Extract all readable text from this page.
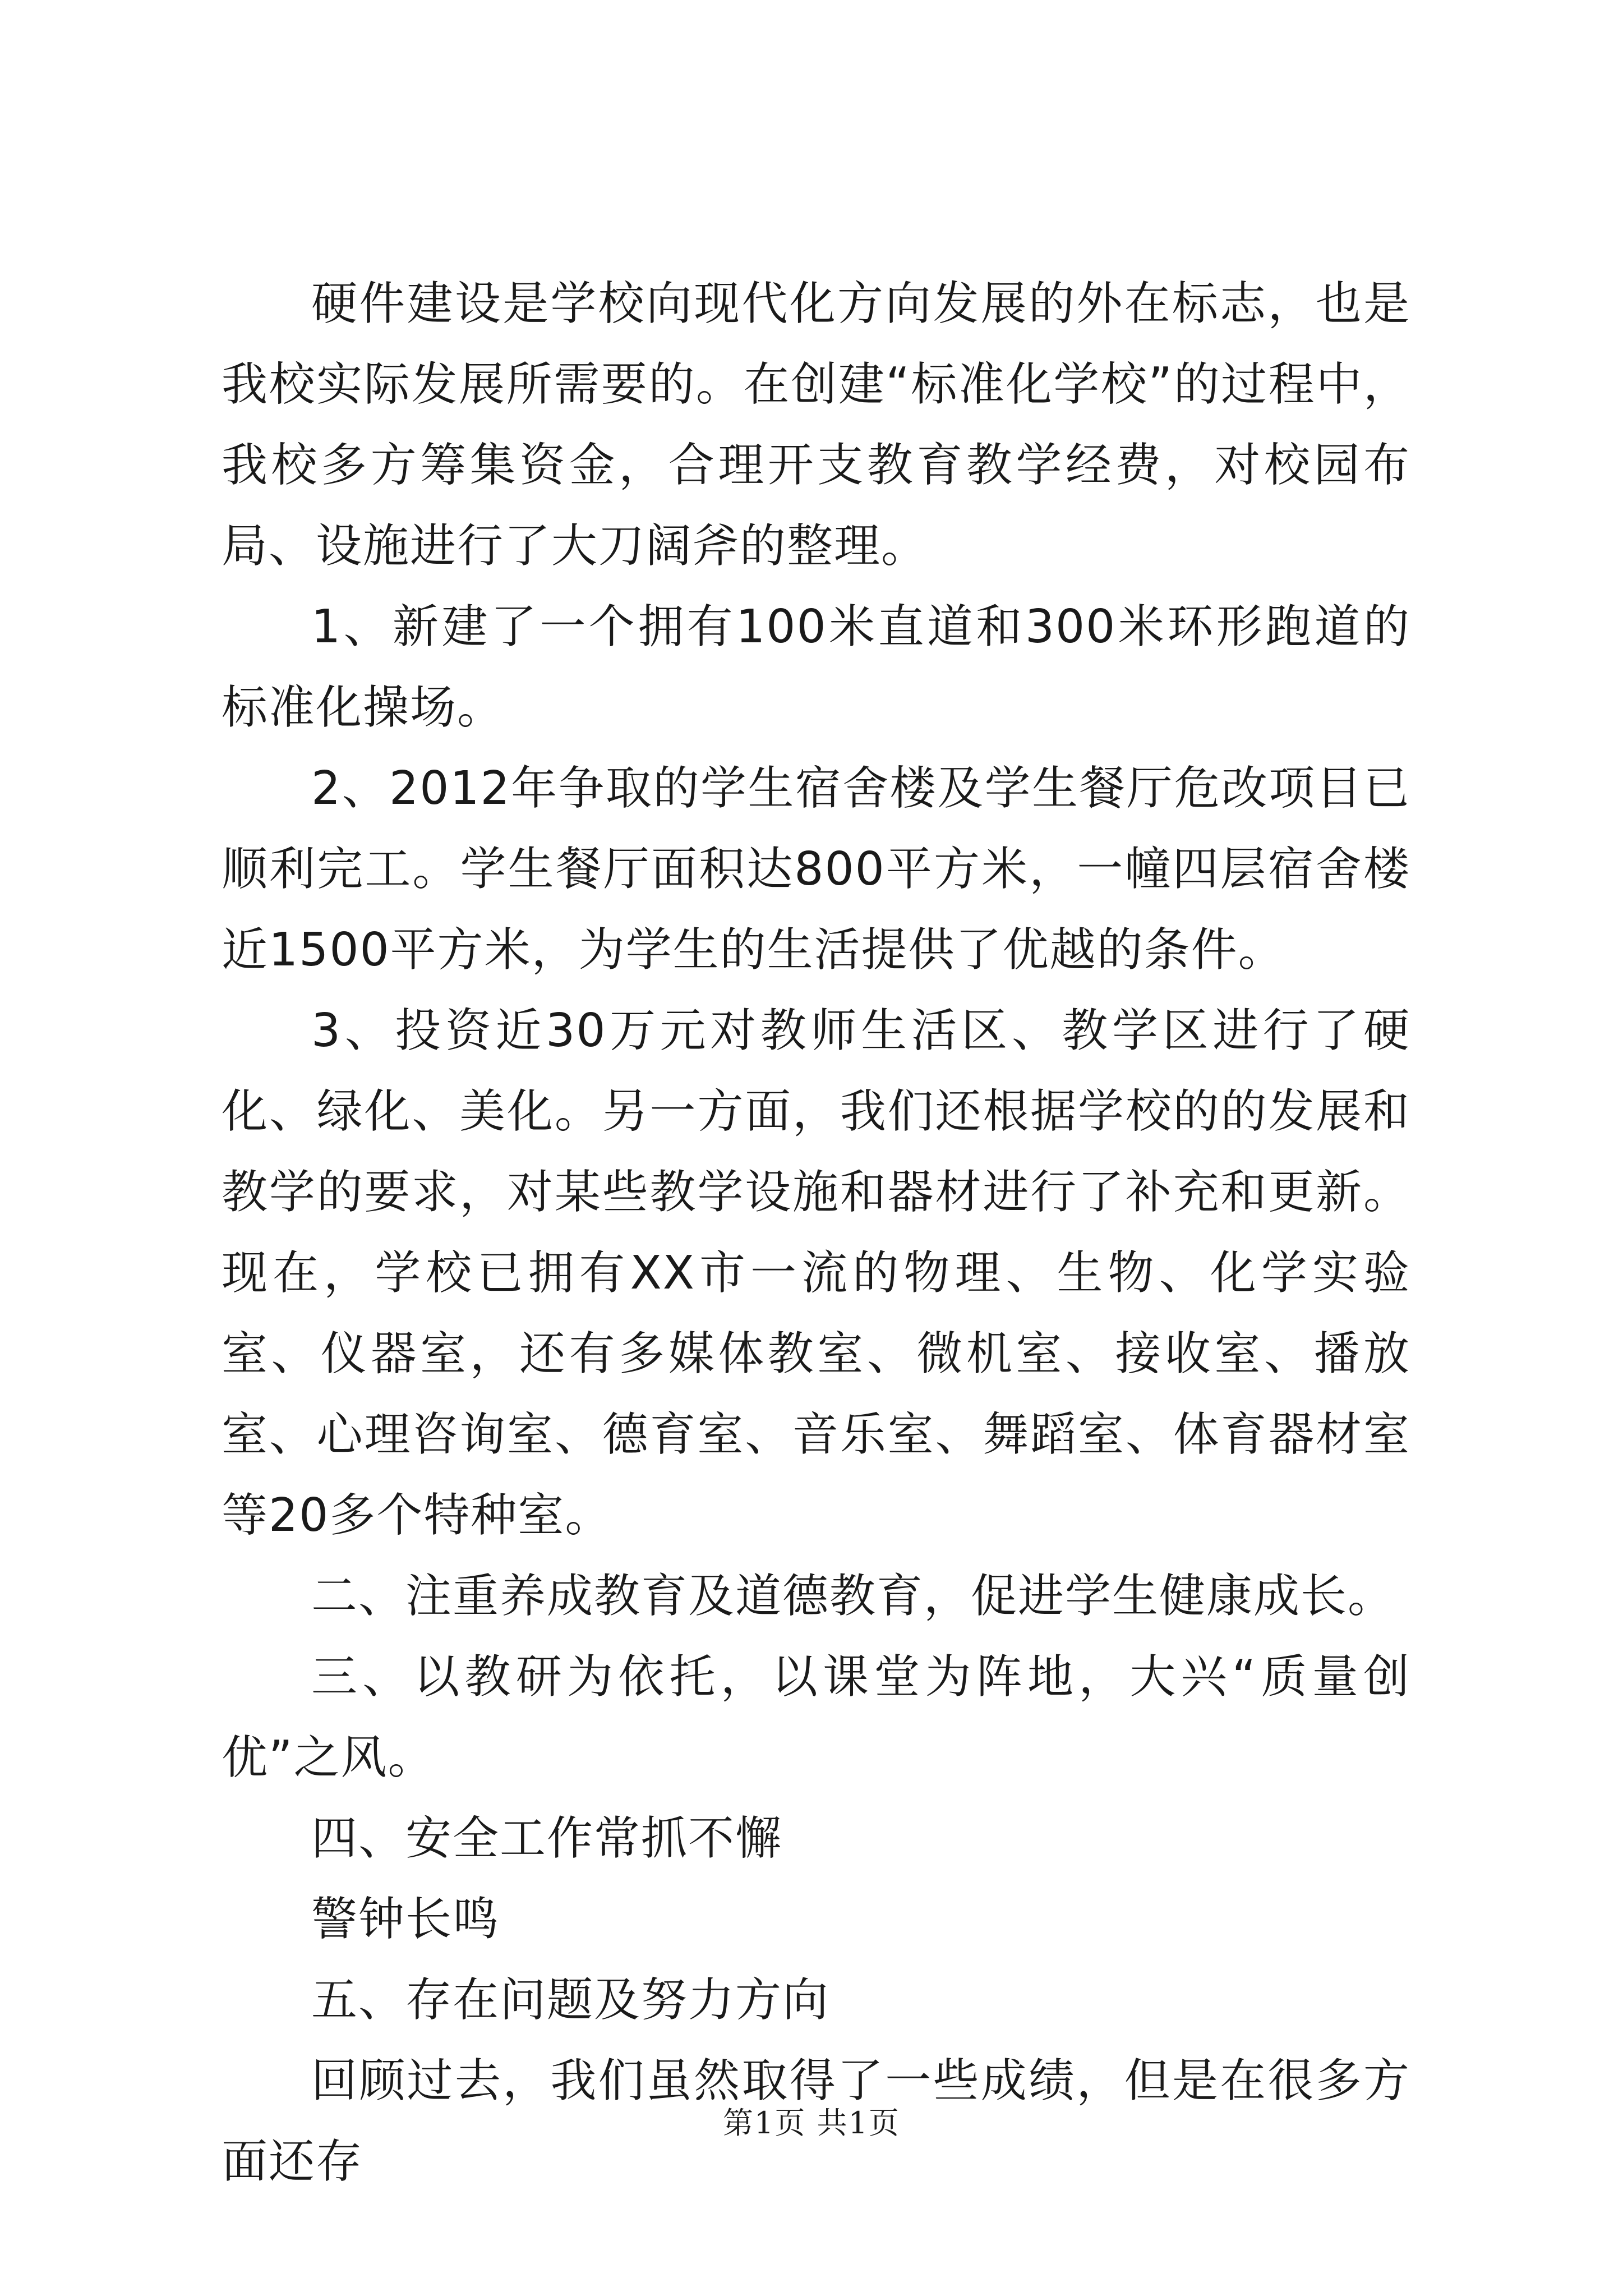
硬件建设是学校向现代化方向发展的外在标志，也是我校实际发展所需要的。在创建“标准化学校”的过程中，我校多方筹集资金，合理开支教育教学经费，对校园布局、设施进行了大刀阔斧的整理。

1、新建了一个拥有100米直道和300米环形跑道的标准化操场。

2、2012年争取的学生宿舍楼及学生餐厅危改项目已顺利完工。学生餐厅面积达800平方米，一幢四层宿舍楼近1500平方米，为学生的生活提供了优越的条件。

3、投资近30万元对教师生活区、教学区进行了硬化、绿化、美化。另一方面，我们还根据学校的的发展和教学的要求，对某些教学设施和器材进行了补充和更新。现在，学校已拥有XX市一流的物理、生物、化学实验室、仪器室，还有多媒体教室、微机室、接收室、播放室、心理咨询室、德育室、音乐室、舞蹈室、体育器材室等20多个特种室。

二、注重养成教育及道德教育，促进学生健康成长。

三、以教研为依托，以课堂为阵地，大兴“质量创优”之风。

四、安全工作常抓不懈

警钟长鸣

五、存在问题及努力方向

回顾过去，我们虽然取得了一些成绩，但是在很多方面还存

第1页 共1页
